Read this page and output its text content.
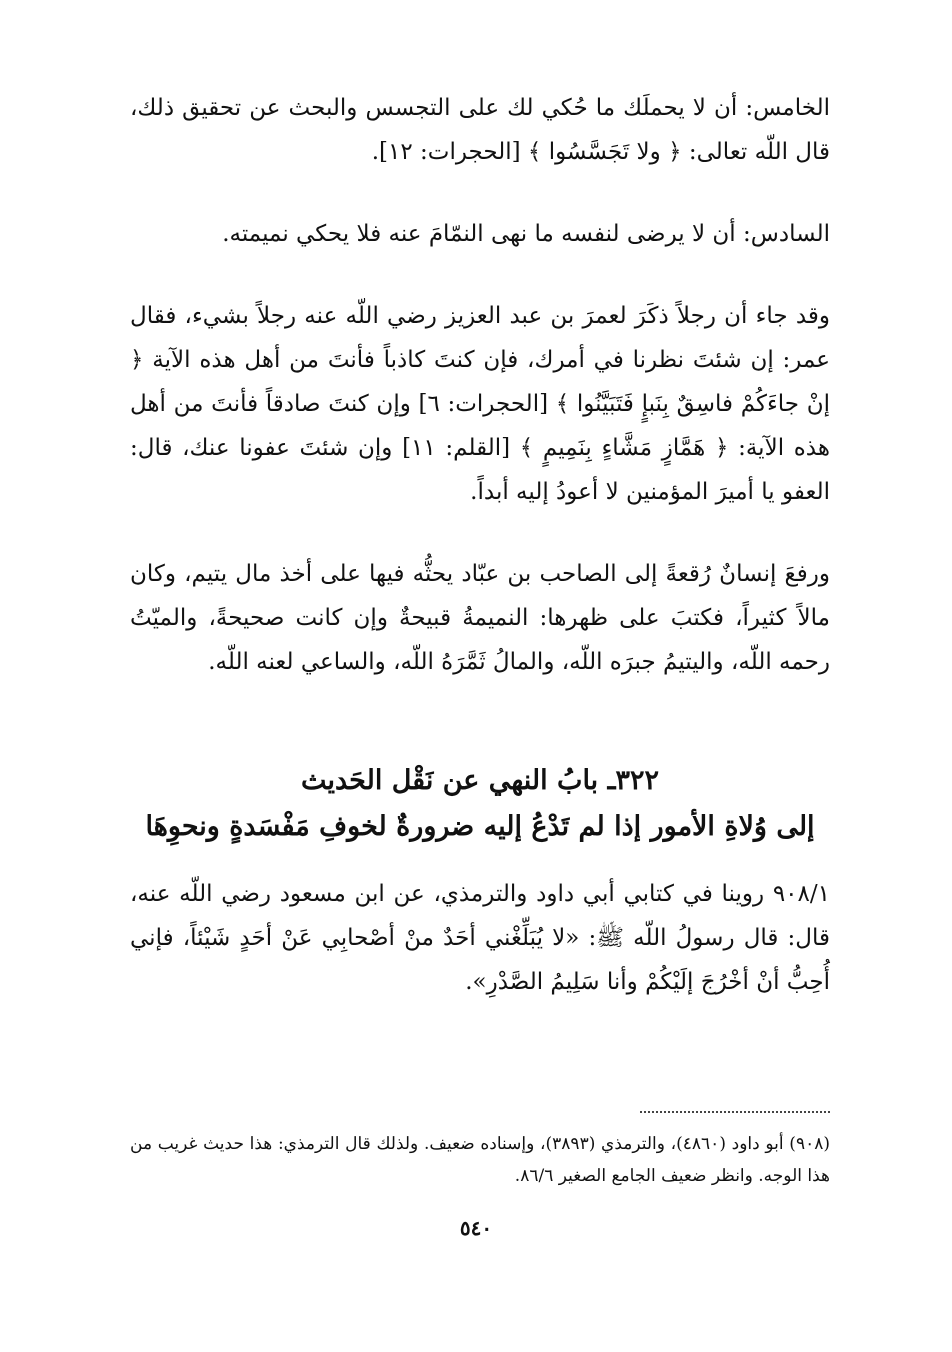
الخامس: أن لا يحملَك ما حُكي لك على التجسس والبحث عن تحقيق ذلك، قال اللّه تعالى: ﴿ ولا تَجَسَّسُوا ﴾ [الحجرات: ١٢].

السادس: أن لا يرضى لنفسه ما نهى النمّامَ عنه فلا يحكي نميمته.

وقد جاء أن رجلاً ذكَرَ لعمرَ بن عبد العزيز رضي اللّه عنه رجلاً بشيء، فقال عمر: إن شئتَ نظرنا في أمرك، فإن كنتَ كاذباً فأنتَ من أهل هذه الآية ﴿ إنْ جاءَكُمْ فاسِقٌ بِنَبإٍ فَتَبَيَّنُوا ﴾ [الحجرات: ٦] وإن كنتَ صادقاً فأنتَ من أهل هذه الآية: ﴿ هَمَّازٍ مَشَّاءٍ بِنَمِيمٍ ﴾ [القلم: ١١] وإن شئتَ عفونا عنك، قال: العفو يا أميرَ المؤمنين لا أعودُ إليه أبداً.

ورفعَ إنسانٌ رُقعةً إلى الصاحب بن عبّاد يحثُّه فيها على أخذ مال يتيم، وكان مالاً كثيراً، فكتبَ على ظهرها: النميمةُ قبيحةٌ وإن كانت صحيحةً، والميّتُ رحمه اللّه، واليتيمُ جبرَه اللّه، والمالُ ثَمَّرَهُ اللّه، والساعي لعنه اللّه.

٣٢٢ـ بابُ النهي عن نَقْل الحَديث

إلى وُلاةِ الأمور إذا لم تَدْعُ إليه ضرورةٌ لخوفِ مَفْسَدةٍ ونحوِهَا

٩٠٨/١ روينا في كتابي أبي داود والترمذي، عن ابن مسعود رضي اللّه عنه، قال: قال رسولُ اللّه ﷺ: «لا يُبَلِّغْني أحَدٌ منْ أصْحابِي عَنْ أحَدٍ شَيْئاً، فإني أُحِبُّ أنْ أخْرُجَ إلَيْكُمْ وأنا سَلِيمُ الصَّدْرِ».

(٩٠٨) أبو داود (٤٨٦٠)، والترمذي (٣٨٩٣)، وإسناده ضعيف. ولذلك قال الترمذي: هذا حديث غريب من هذا الوجه. وانظر ضعيف الجامع الصغير ٨٦/٦.

٥٤٠
